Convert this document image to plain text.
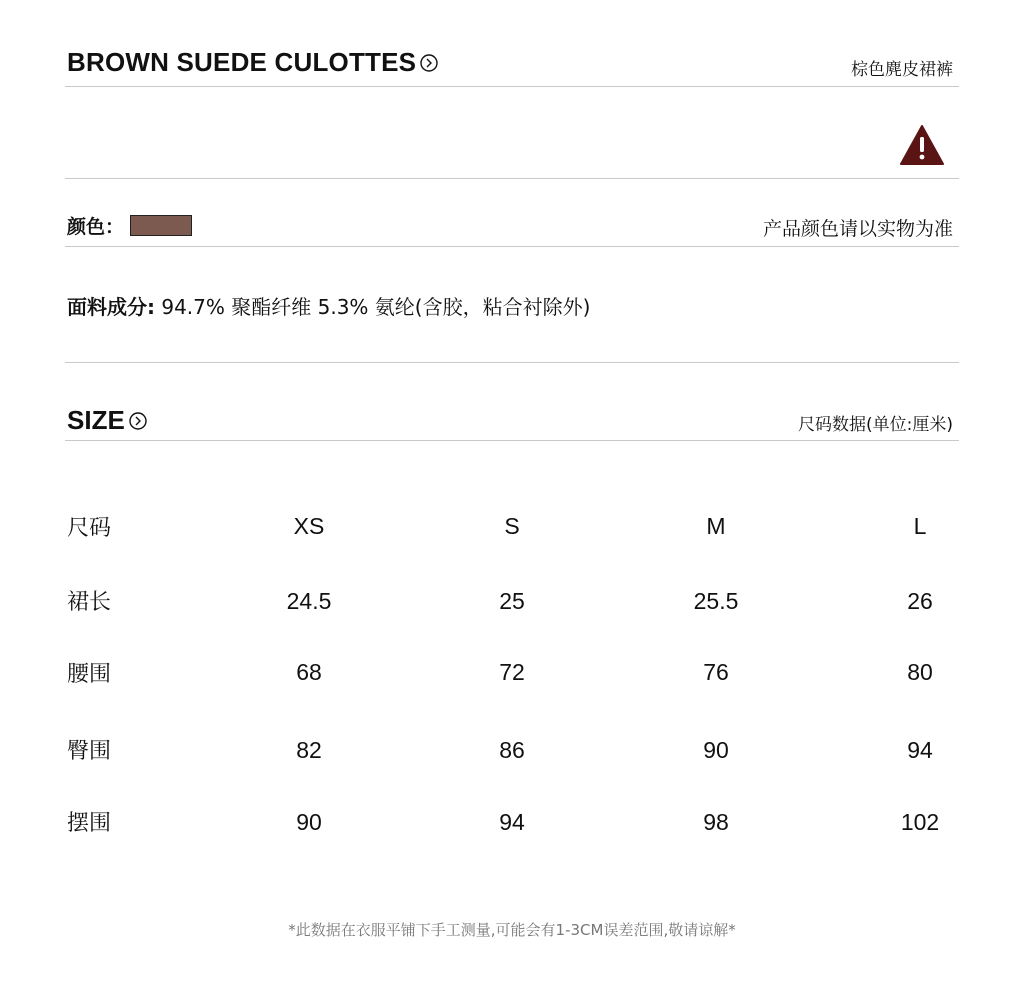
BROWN SUEDE CULOTTES	棕色麂皮裙裤
颜色：	产品颜色请以实物为准
面料成分: 94.7% 聚酯纤维 5.3% 氨纶(含胶，粘合衬除外)
SIZE	尺码数据(单位:厘米)
尺码	XS	S	M	L
裙长	24.5	25	25.5	26
腰围	68	72	76	80
臀围	82	86	90	94
摆围	90	94	98	102
*此数据在衣服平铺下手工测量,可能会有1-3CM误差范围,敬请谅解*
